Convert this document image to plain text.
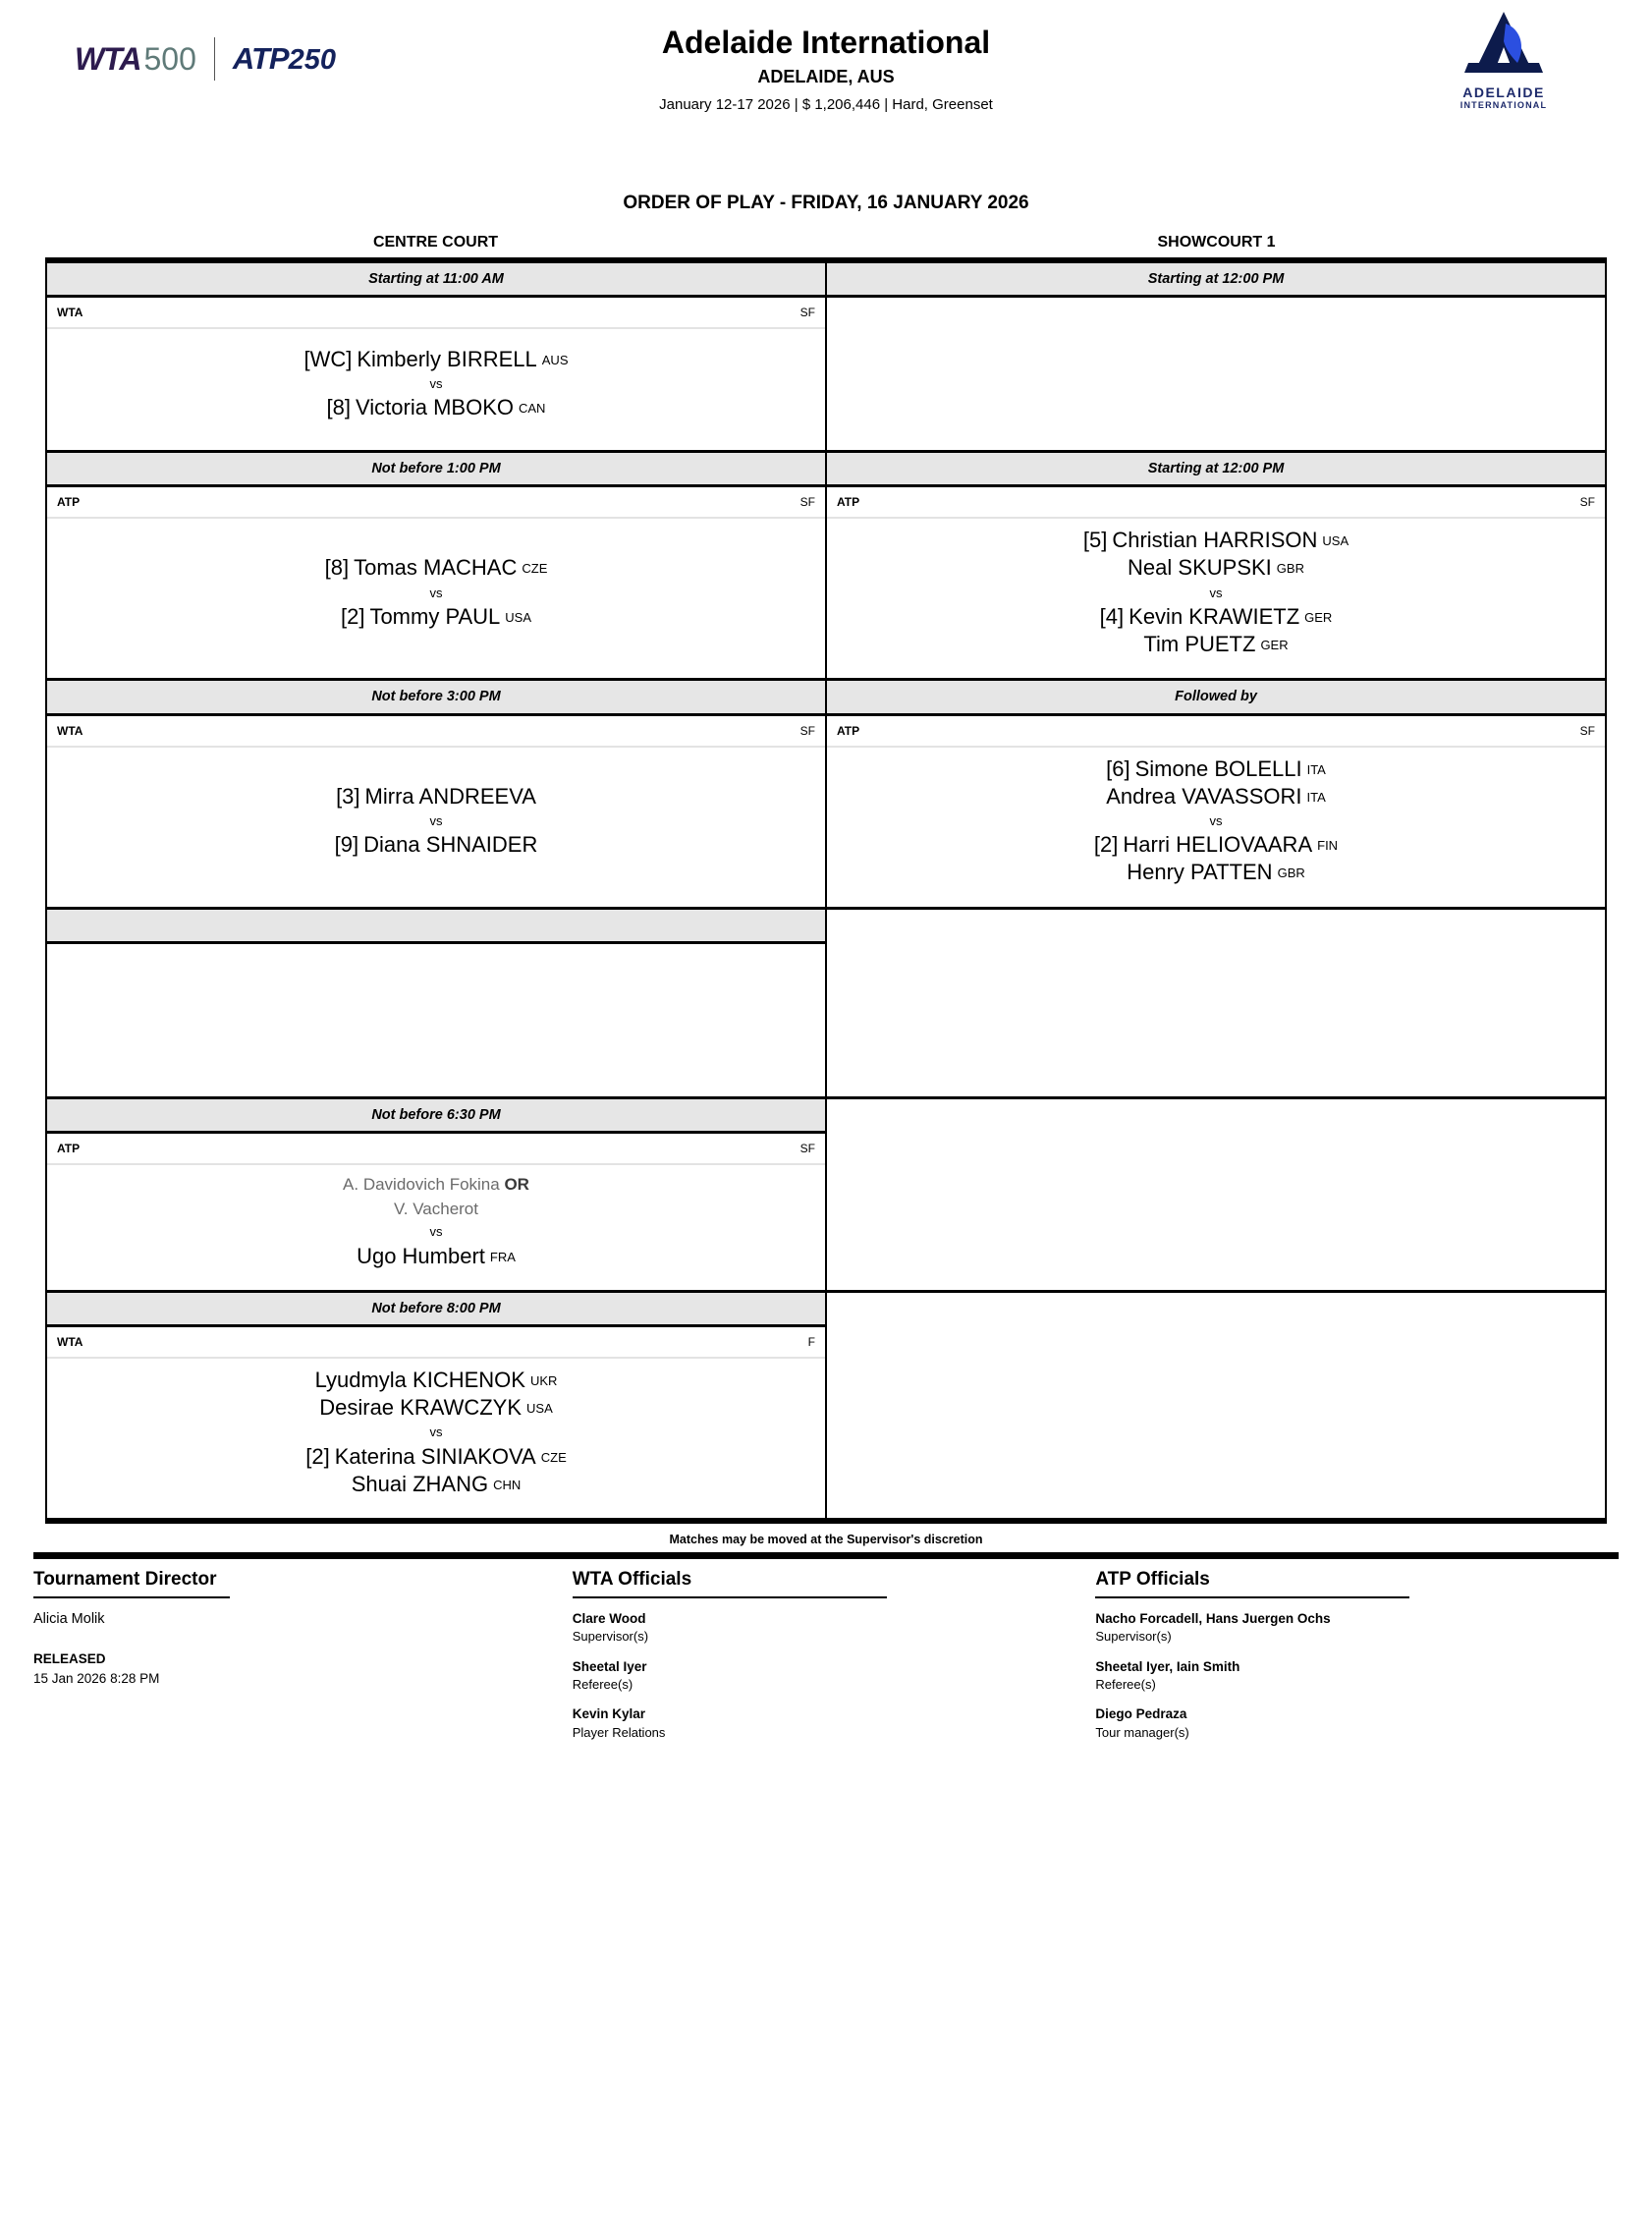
WTA500 ATP250	Adelaide International
ADELAIDE, AUS
January 12-17 2026 | $ 1,206,446 | Hard, Greenset
ADELAIDE
INTERNATIONAL
ORDER OF PLAY - FRIDAY, 16 JANUARY 2026
CENTRE COURT	SHOWCOURT 1
Starting at 11:00 AM
WTA	SF
[WC] Kimberly BIRRELL AUS
vs
[8] Victoria MBOKO CAN
Starting at 12:00 PM
Not before 1:00 PM
ATP	SF
[8] Tomas MACHAC CZE
vs
[2] Tommy PAUL USA
Starting at 12:00 PM
ATP	SF
[5] Christian HARRISON USA
Neal SKUPSKI GBR
vs
[4] Kevin KRAWIETZ GER
Tim PUETZ GER
Not before 3:00 PM
WTA	SF
[3] Mirra ANDREEVA
vs
[9] Diana SHNAIDER
Followed by
ATP	SF
[6] Simone BOLELLI ITA
Andrea VAVASSORI ITA
vs
[2] Harri HELIOVAARA FIN
Henry PATTEN GBR

Not before 6:30 PM
ATP	SF
A. Davidovich Fokina OR
V. Vacherot
vs
Ugo Humbert FRA
Not before 8:00 PM
WTA	F
Lyudmyla KICHENOK UKR
Desirae KRAWCZYK USA
vs
[2] Katerina SINIAKOVA CZE
Shuai ZHANG CHN
Matches may be moved at the Supervisor's discretion
Tournament Director
Alicia Molik
RELEASED
15 Jan 2026 8:28 PM
WTA Officials
Clare Wood
Supervisor(s)
Sheetal Iyer
Referee(s)
Kevin Kylar
Player Relations
ATP Officials
Nacho Forcadell, Hans Juergen Ochs
Supervisor(s)
Sheetal Iyer, Iain Smith
Referee(s)
Diego Pedraza
Tour manager(s)
